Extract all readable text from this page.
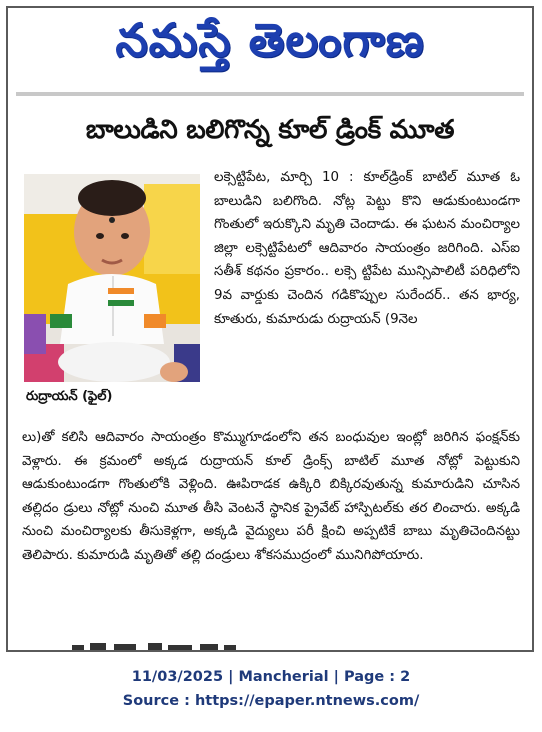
నమస్తే తెలంగాణ
బాలుడిని బలిగొన్న కూల్ డ్రింక్ మూత
రుద్రాయన్ (ఫైల్)
లక్సెట్టిపేట, మార్చి 10 : కూల్‌డ్రింక్ బాటిల్ మూత ఓ బాలుడిని బలిగొంది. నోట్ల పెట్టు కొని ఆడుకుంటుండగా గొంతులో ఇరుక్కొని మృతి చెందాడు. ఈ ఘటన మంచిర్యాల జిల్లా లక్సెట్టిపేటలో ఆదివారం సాయంత్రం జరిగింది. ఎస్ఐ సతీశ్ కథనం ప్రకారం.. లక్సె ట్టిపేట మున్సిపాలిటీ పరిధిలోని 9వ వార్డుకు చెందిన గడికొప్పుల సురేందర్.. తన భార్య, కూతురు, కుమారుడు రుద్రాయన్ (9నెల
లు)తో కలిసి ఆదివారం సాయంత్రం కొమ్ముగూడంలోని తన బంధువుల ఇంట్లో జరిగిన ఫంక్షన్‌కు వెళ్లారు. ఈ క్రమంలో అక్కడ రుద్రాయన్ కూల్ డ్రింక్స్ బాటిల్ మూత నోట్లో పెట్టుకుని ఆడుకుంటుండగా గొంతులోకి వెళ్లింది. ఊపిరాడక ఉక్కిరి బిక్కిరవుతున్న కుమారుడిని చూసిన తల్లిదం డ్రులు నోట్లో నుంచి మూత తీసి వెంటనే స్థానిక ప్రైవేట్ హాస్పిటల్‌కు తర లించారు. అక్కడి నుంచి మంచిర్యాలకు తీసుకెళ్లగా, అక్కడి వైద్యులు పరీ క్షించి అప్పటికే బాబు మృతిచెందినట్టు తెలిపారు. కుమారుడి మృతితో తల్లి దండ్రులు శోకసముద్రంలో మునిగిపోయారు.
11/03/2025 | Mancherial | Page : 2
Source : https://epaper.ntnews.com/
